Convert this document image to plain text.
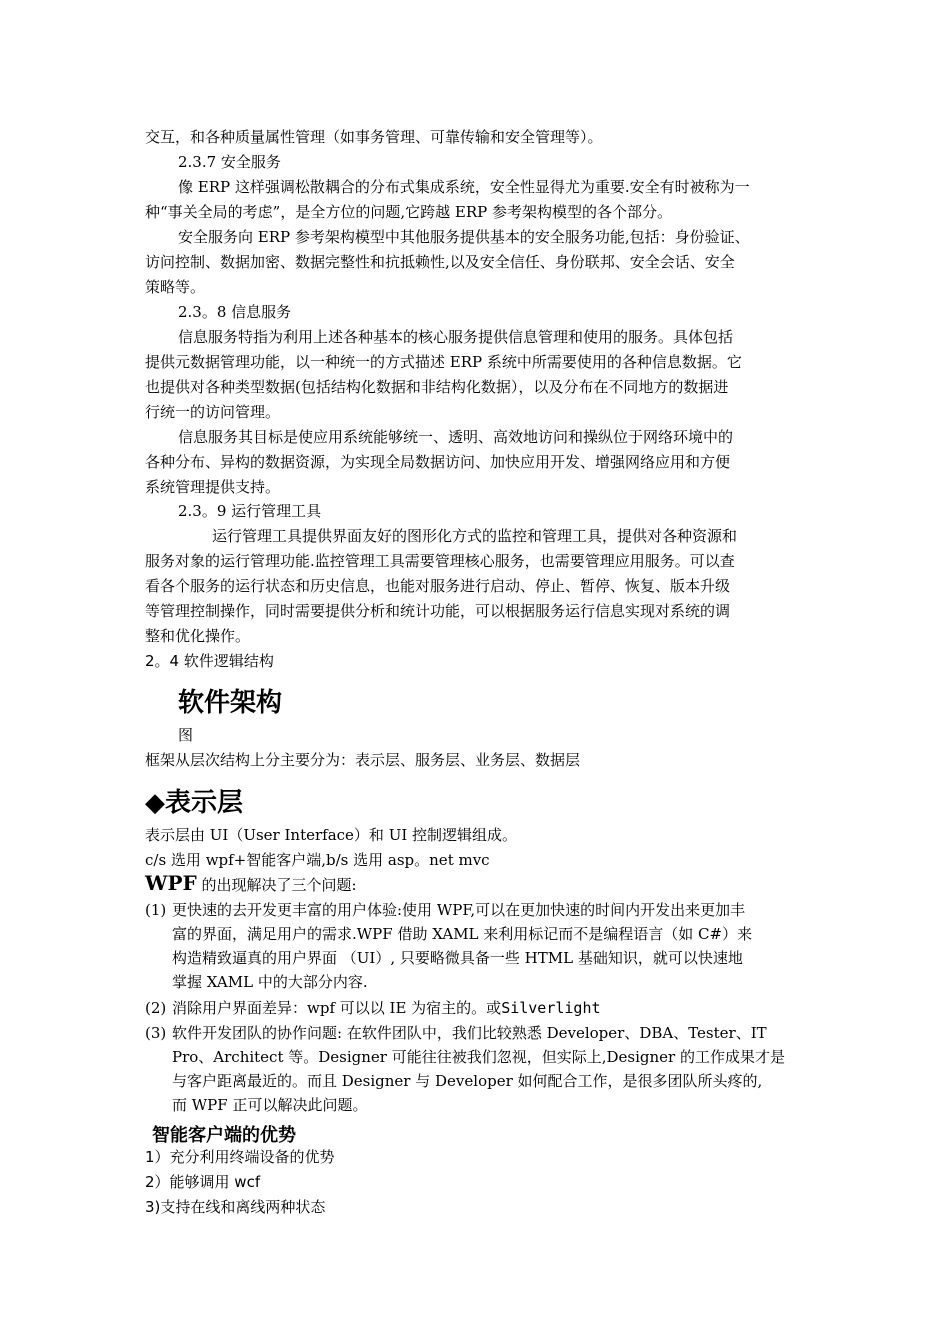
交互，和各种质量属性管理（如事务管理、可靠传输和安全管理等）。
2.3.7 安全服务
像 ERP 这样强调松散耦合的分布式集成系统，安全性显得尤为重要.安全有时被称为一
种“事关全局的考虑”，是全方位的问题,它跨越 ERP 参考架构模型的各个部分。
安全服务向 ERP 参考架构模型中其他服务提供基本的安全服务功能,包括：身份验证、
访问控制、数据加密、数据完整性和抗抵赖性,以及安全信任、身份联邦、安全会话、安全
策略等。
2.3。8 信息服务
信息服务特指为利用上述各种基本的核心服务提供信息管理和使用的服务。具体包括
提供元数据管理功能，以一种统一的方式描述 ERP 系统中所需要使用的各种信息数据。它
也提供对各种类型数据(包括结构化数据和非结构化数据），以及分布在不同地方的数据进
行统一的访问管理。
信息服务其目标是使应用系统能够统一、透明、高效地访问和操纵位于网络环境中的
各种分布、异构的数据资源，为实现全局数据访问、加快应用开发、增强网络应用和方便
系统管理提供支持。
2.3。9 运行管理工具
运行管理工具提供界面友好的图形化方式的监控和管理工具，提供对各种资源和
服务对象的运行管理功能.监控管理工具需要管理核心服务，也需要管理应用服务。可以查
看各个服务的运行状态和历史信息，也能对服务进行启动、停止、暂停、恢复、版本升级
等管理控制操作，同时需要提供分析和统计功能，可以根据服务运行信息实现对系统的调
整和优化操作。
2。4 软件逻辑结构
软件架构
图
框架从层次结构上分主要分为：表示层、服务层、业务层、数据层
◆表示层
表示层由 UI（User Interface）和 UI 控制逻辑组成。
c/s 选用 wpf+智能客户端,b/s 选用 asp。net mvc
WPF 的出现解决了三个问题:
(1) 更快速的去开发更丰富的用户体验:使用 WPF,可以在更加快速的时间内开发出来更加丰
富的界面，满足用户的需求.WPF 借助 XAML 来利用标记而不是编程语言（如 C#）来
构造精致逼真的用户界面 （UI）, 只要略微具备一些 HTML 基础知识，就可以快速地
掌握 XAML 中的大部分内容.
(2) 消除用户界面差异：wpf 可以以 IE 为宿主的。或Silverlight
(3) 软件开发团队的协作问题: 在软件团队中，我们比较熟悉 Developer、DBA、Tester、IT
Pro、Architect 等。Designer 可能往往被我们忽视，但实际上,Designer 的工作成果才是
与客户距离最近的。而且 Designer 与 Developer 如何配合工作，是很多团队所头疼的,
而 WPF 正可以解决此问题。
智能客户端的优势
1）充分利用终端设备的优势
2）能够调用 wcf
3)支持在线和离线两种状态
